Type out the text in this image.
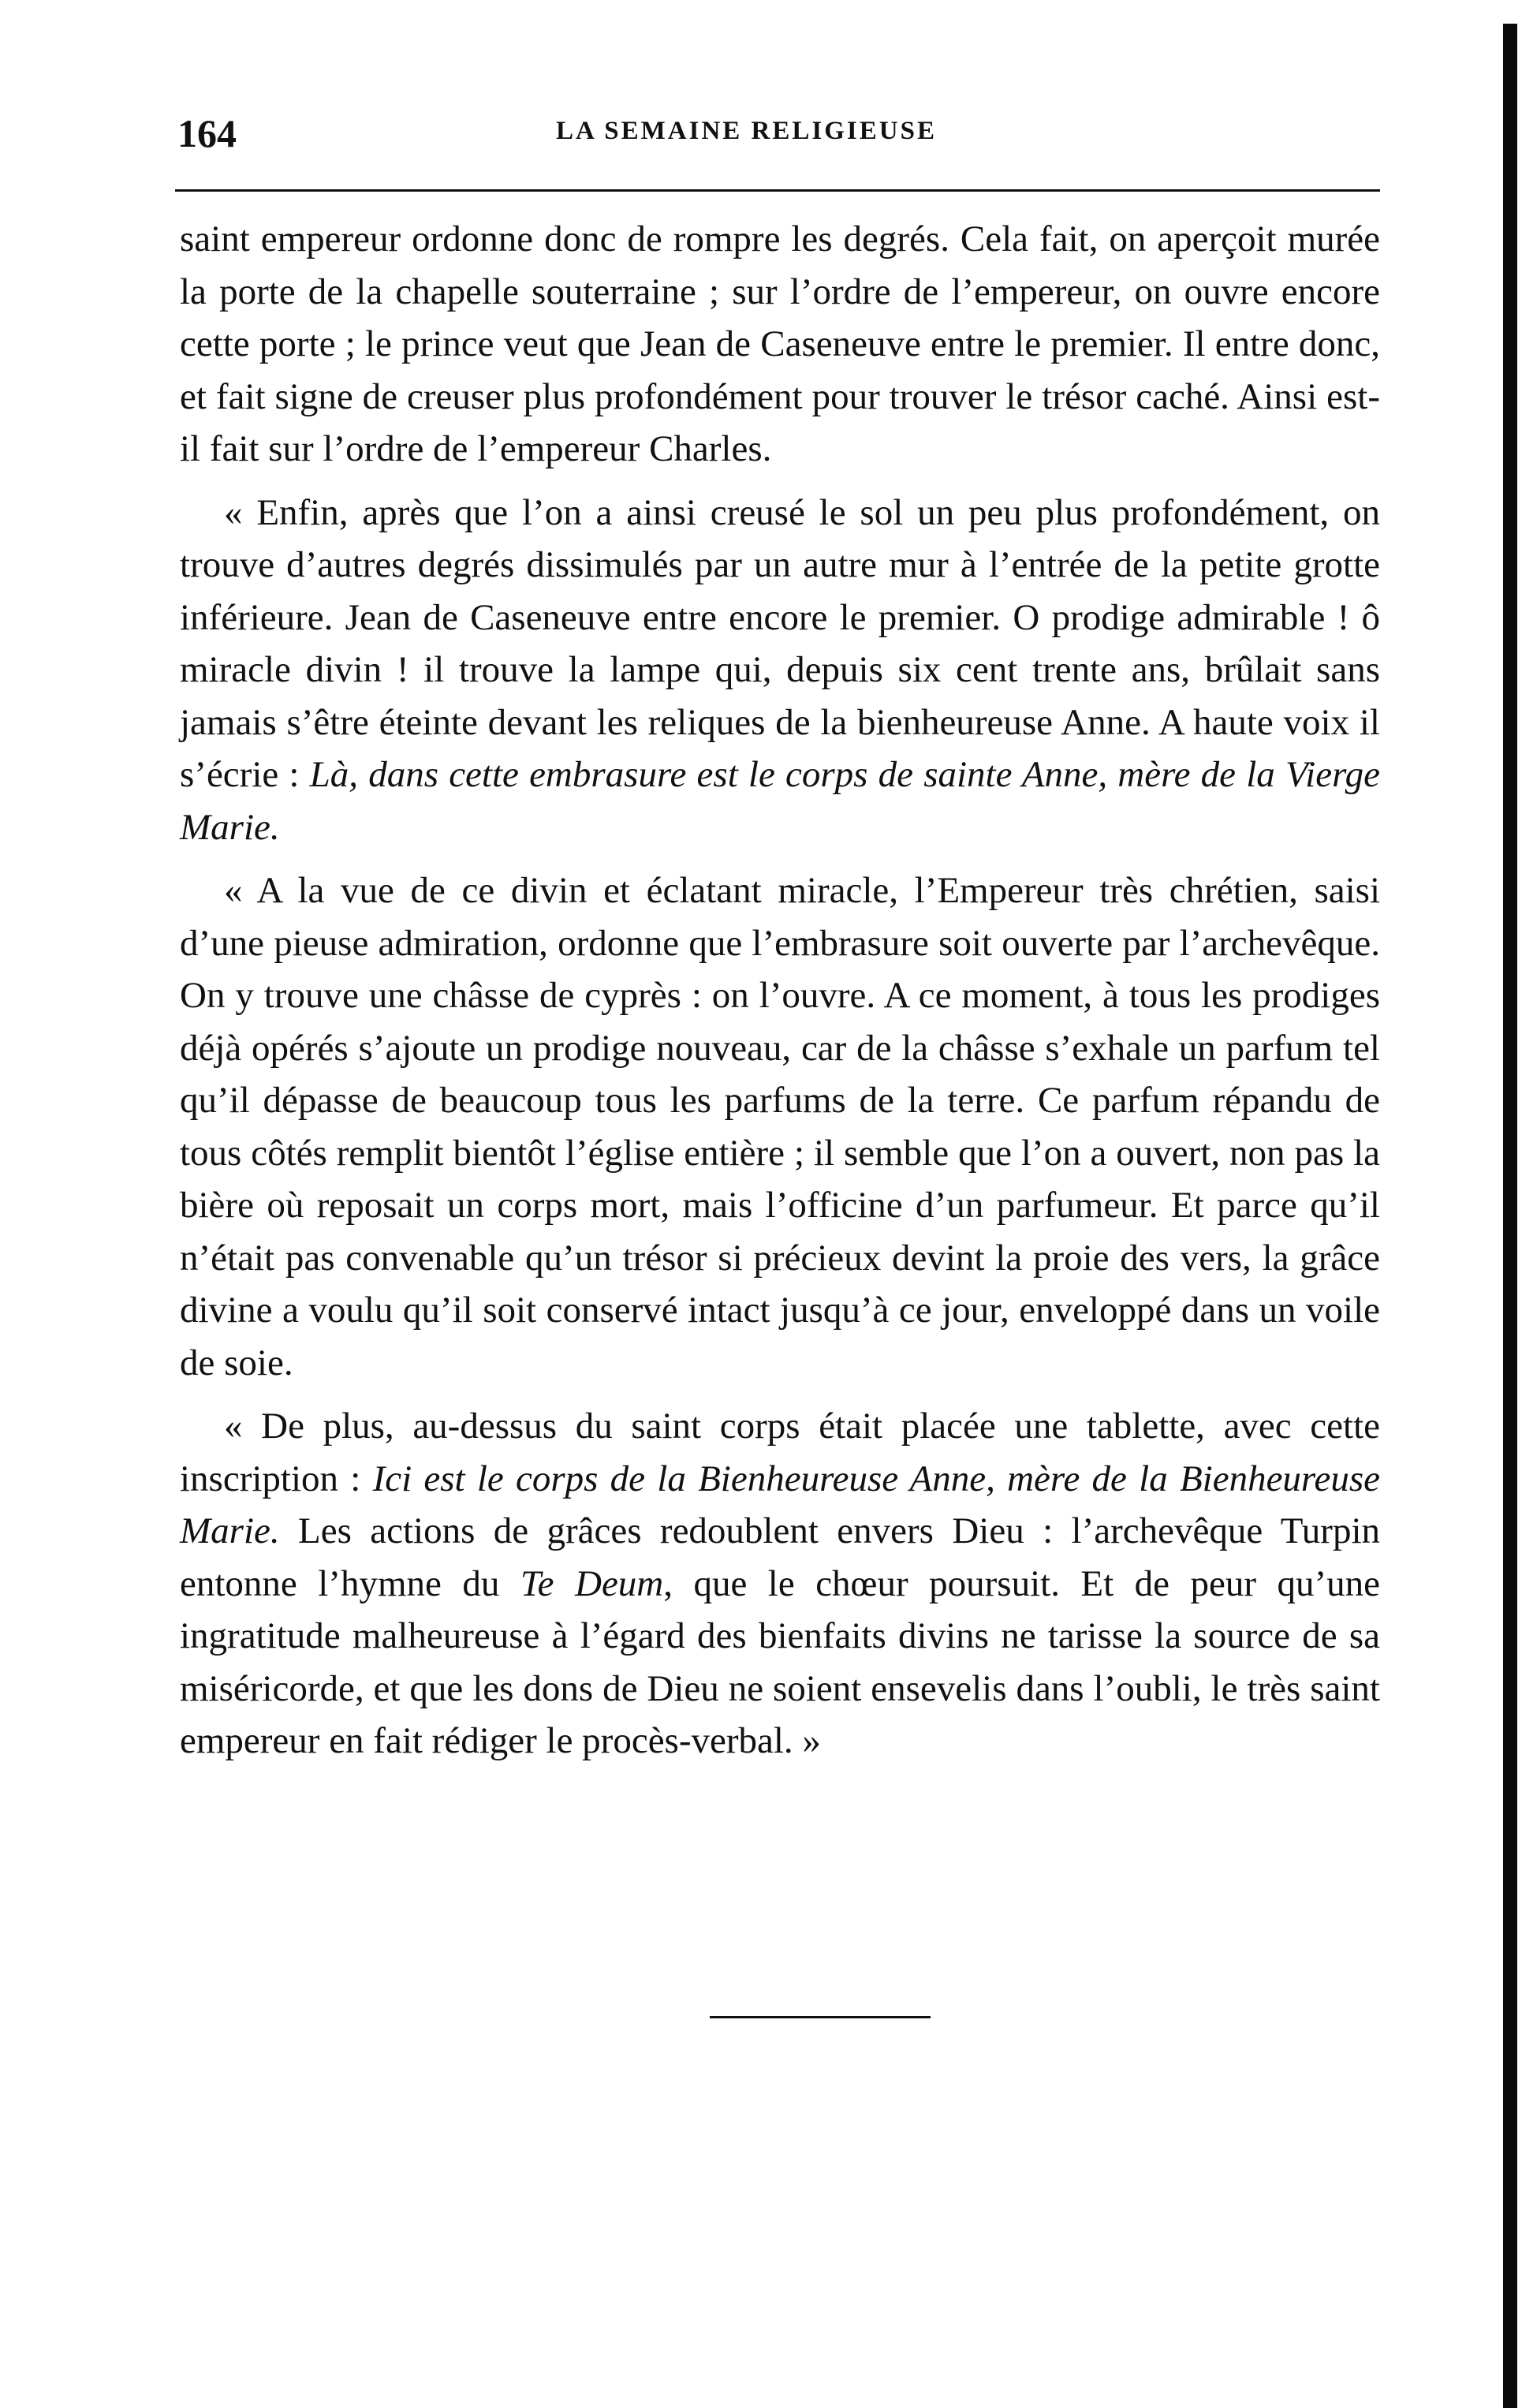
164	LA SEMAINE RELIGIEUSE

saint empereur ordonne donc de rompre les degrés. Cela fait, on aperçoit murée la porte de la chapelle souterraine ; sur l’ordre de l’empereur, on ouvre encore cette porte ; le prince veut que Jean de Caseneuve entre le premier. Il entre donc, et fait signe de creuser plus profondément pour trouver le trésor caché. Ainsi est-il fait sur l’ordre de l’empereur Charles.

« Enfin, après que l’on a ainsi creusé le sol un peu plus profondément, on trouve d’autres degrés dissimulés par un autre mur à l’entrée de la petite grotte inférieure. Jean de Caseneuve entre encore le premier. O prodige admirable ! ô miracle divin ! il trouve la lampe qui, depuis six cent trente ans, brûlait sans jamais s’être éteinte devant les reliques de la bienheureuse Anne. A haute voix il s’écrie : Là, dans cette embrasure est le corps de sainte Anne, mère de la Vierge Marie.

« A la vue de ce divin et éclatant miracle, l’Empereur très chrétien, saisi d’une pieuse admiration, ordonne que l’embrasure soit ouverte par l’archevêque. On y trouve une châsse de cyprès : on l’ouvre. A ce moment, à tous les prodiges déjà opérés s’ajoute un prodige nouveau, car de la châsse s’exhale un parfum tel qu’il dépasse de beaucoup tous les parfums de la terre. Ce parfum répandu de tous côtés remplit bientôt l’église entière ; il semble que l’on a ouvert, non pas la bière où reposait un corps mort, mais l’officine d’un parfumeur. Et parce qu’il n’était pas convenable qu’un trésor si précieux devint la proie des vers, la grâce divine a voulu qu’il soit conservé intact jusqu’à ce jour, enveloppé dans un voile de soie.

« De plus, au-dessus du saint corps était placée une tablette, avec cette inscription : Ici est le corps de la Bienheureuse Anne, mère de la Bienheureuse Marie. Les actions de grâces redoublent envers Dieu : l’archevêque Turpin entonne l’hymne du Te Deum, que le chœur poursuit. Et de peur qu’une ingratitude malheureuse à l’égard des bienfaits divins ne tarisse la source de sa miséricorde, et que les dons de Dieu ne soient ensevelis dans l’oubli, le très saint empereur en fait rédiger le procès-verbal. »
